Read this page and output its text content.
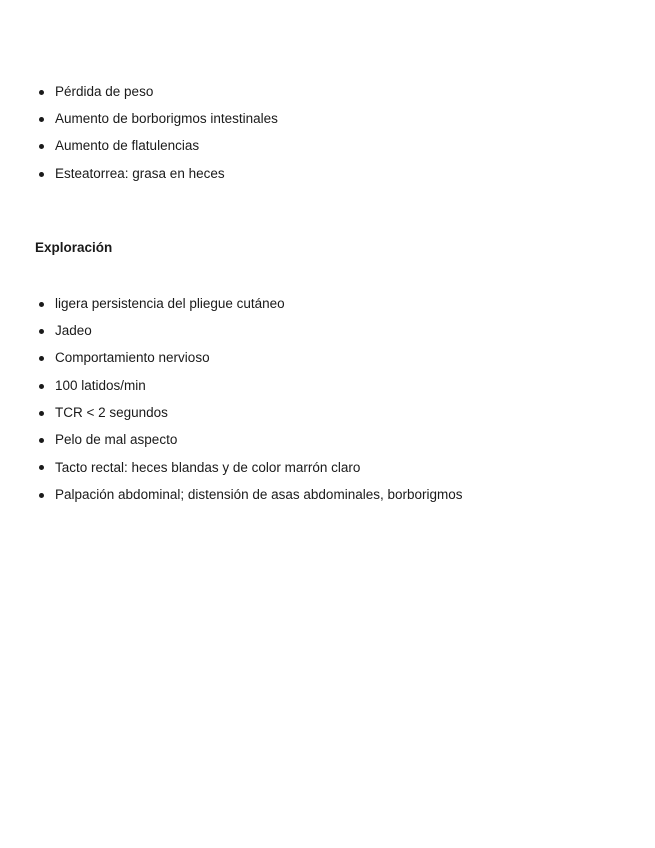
Pérdida de peso
Aumento de borborigmos intestinales
Aumento de flatulencias
Esteatorrea: grasa en heces
Exploración
ligera persistencia del pliegue cutáneo
Jadeo
Comportamiento nervioso
100 latidos/min
TCR < 2 segundos
Pelo de mal aspecto
Tacto rectal: heces blandas y de color marrón claro
Palpación abdominal; distensión de asas abdominales, borborigmos
